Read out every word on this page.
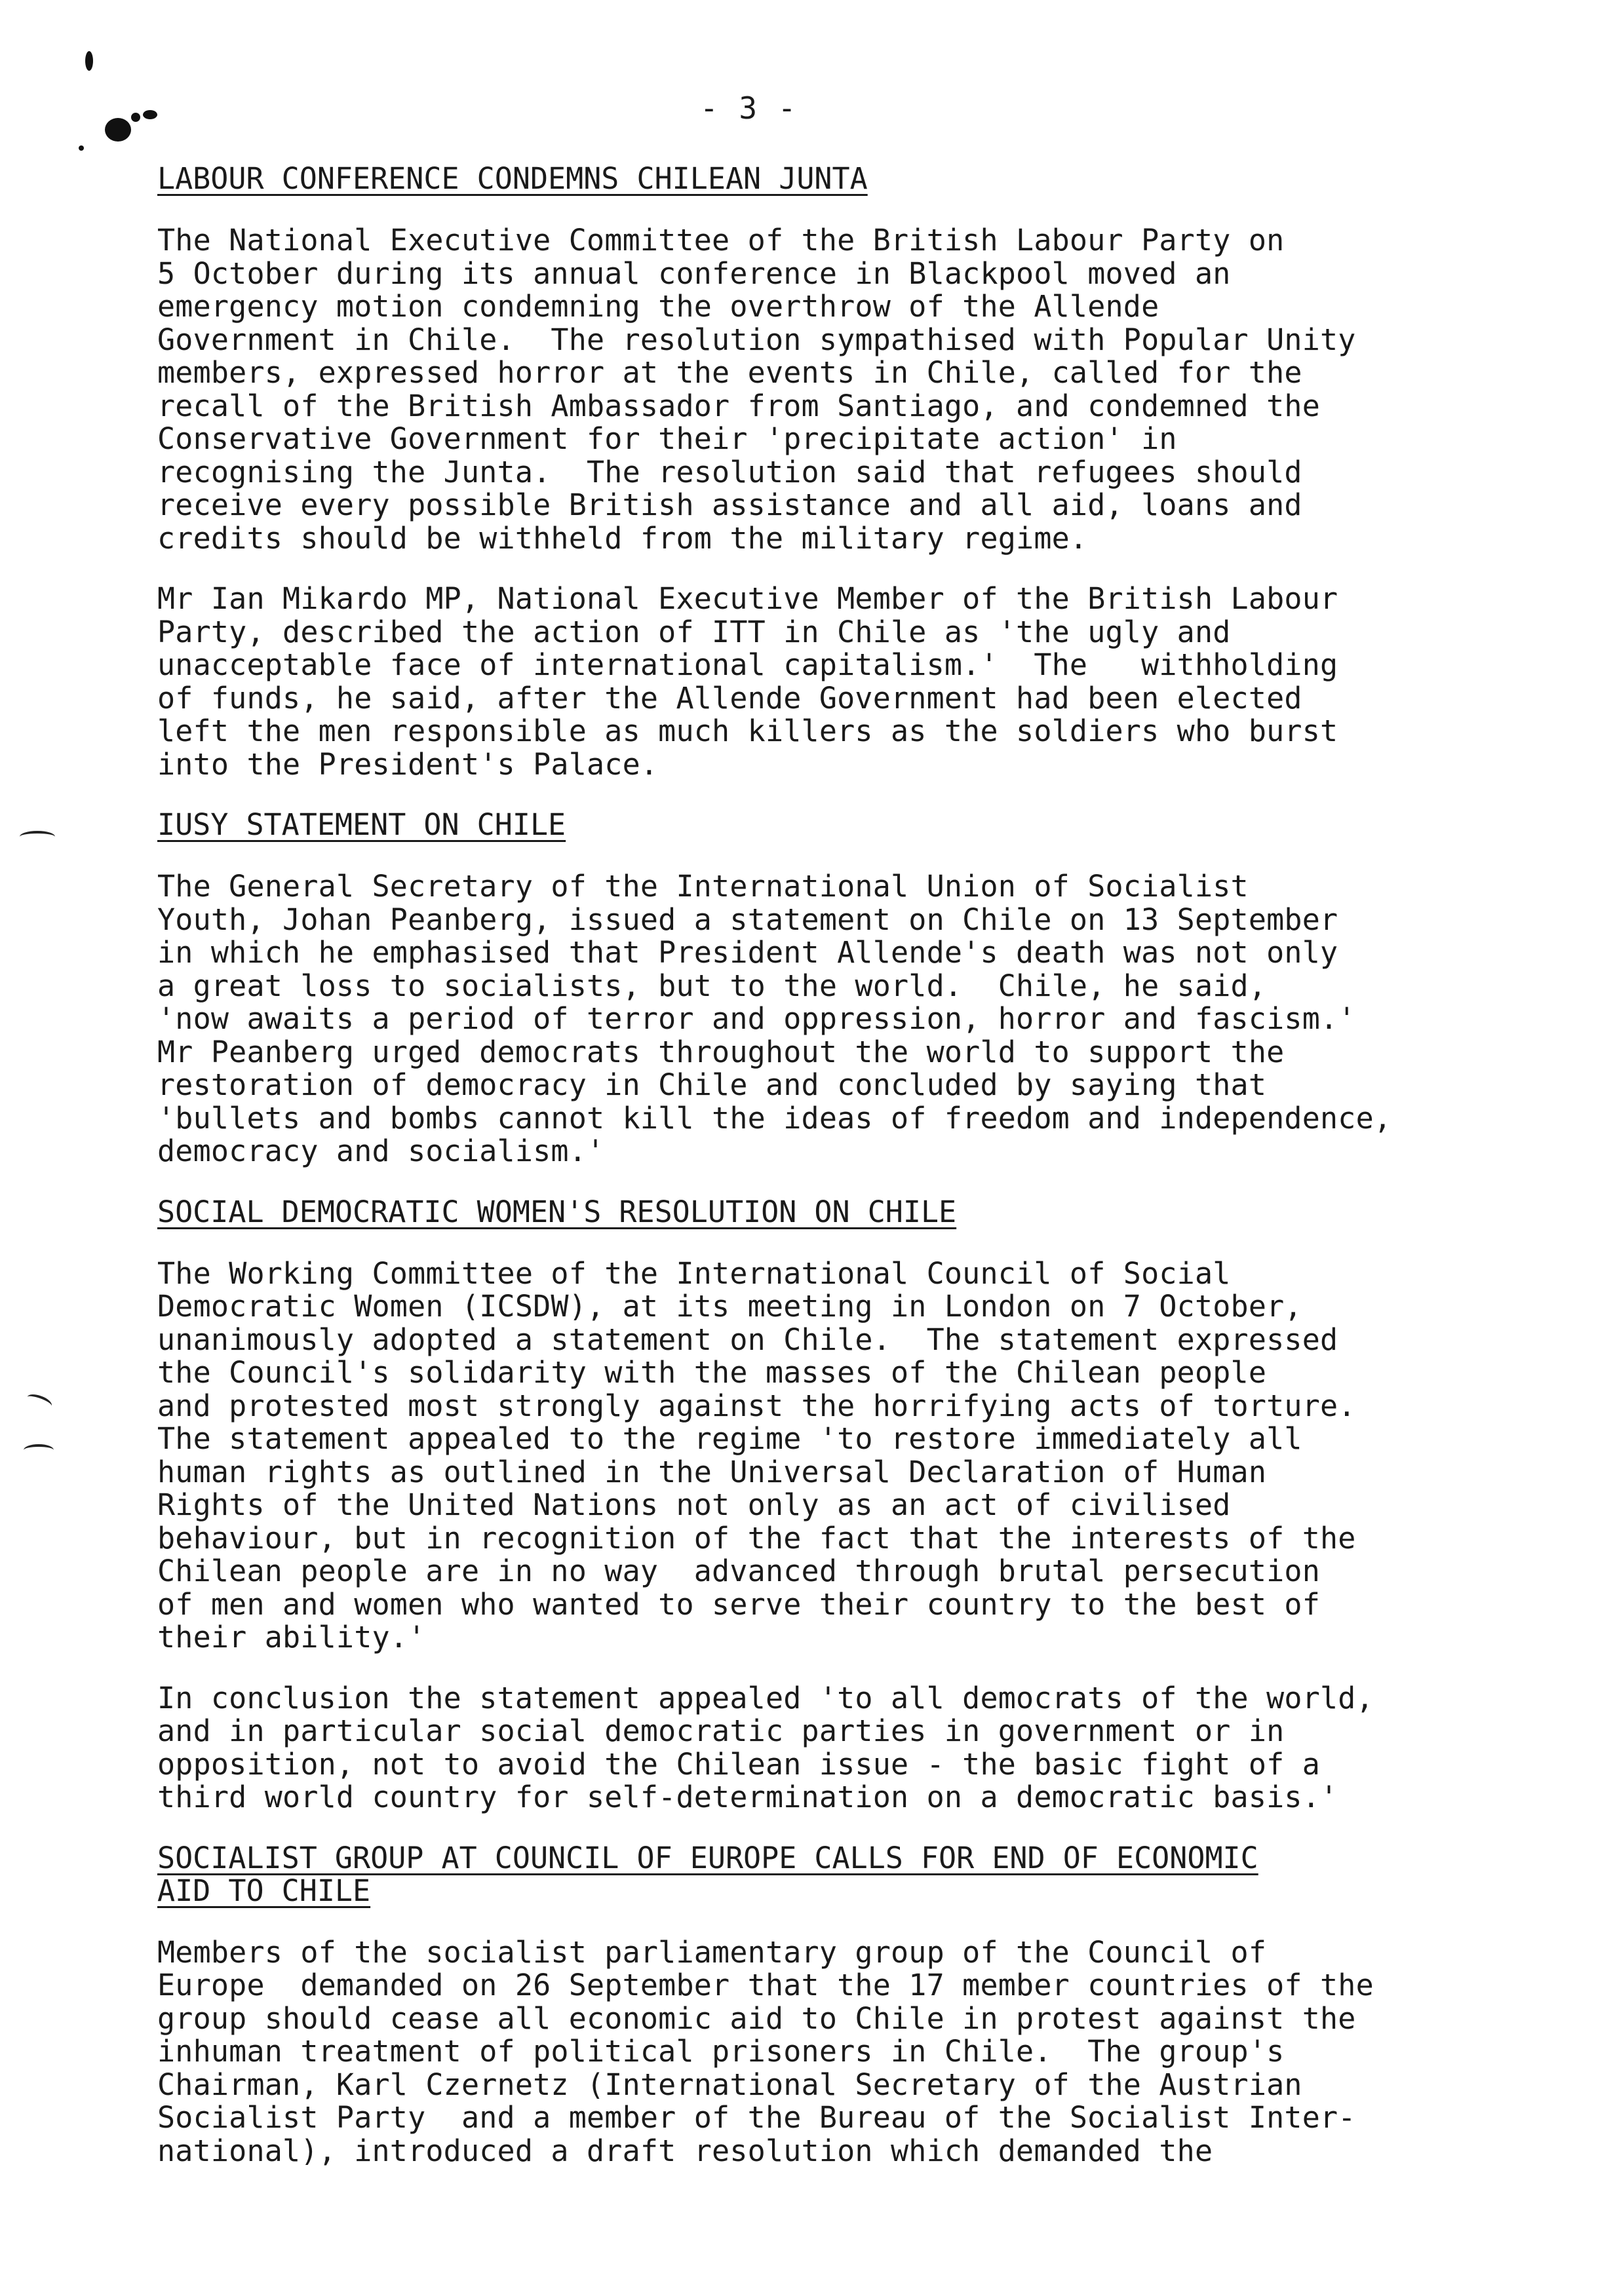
- 3 -
LABOUR CONFERENCE CONDEMNS CHILEAN JUNTA
The National Executive Committee of the British Labour Party on
5 October during its annual conference in Blackpool moved an
emergency motion condemning the overthrow of the Allende
Government in Chile.  The resolution sympathised with Popular Unity
members, expressed horror at the events in Chile, called for the
recall of the British Ambassador from Santiago, and condemned the
Conservative Government for their 'precipitate action' in
recognising the Junta.  The resolution said that refugees should
receive every possible British assistance and all aid, loans and
credits should be withheld from the military regime.
Mr Ian Mikardo MP, National Executive Member of the British Labour
Party, described the action of ITT in Chile as 'the ugly and
unacceptable face of international capitalism.'  The   withholding
of funds, he said, after the Allende Government had been elected
left the men responsible as much killers as the soldiers who burst
into the President's Palace.
IUSY STATEMENT ON CHILE
The General Secretary of the International Union of Socialist
Youth, Johan Peanberg, issued a statement on Chile on 13 September
in which he emphasised that President Allende's death was not only
a great loss to socialists, but to the world.  Chile, he said,
'now awaits a period of terror and oppression, horror and fascism.'
Mr Peanberg urged democrats throughout the world to support the
restoration of democracy in Chile and concluded by saying that
'bullets and bombs cannot kill the ideas of freedom and independence,
democracy and socialism.'
SOCIAL DEMOCRATIC WOMEN'S RESOLUTION ON CHILE
The Working Committee of the International Council of Social
Democratic Women (ICSDW), at its meeting in London on 7 October,
unanimously adopted a statement on Chile.  The statement expressed
the Council's solidarity with the masses of the Chilean people
and protested most strongly against the horrifying acts of torture.
The statement appealed to the regime 'to restore immediately all
human rights as outlined in the Universal Declaration of Human
Rights of the United Nations not only as an act of civilised
behaviour, but in recognition of the fact that the interests of the
Chilean people are in no way  advanced through brutal persecution
of men and women who wanted to serve their country to the best of
their ability.'
In conclusion the statement appealed 'to all democrats of the world,
and in particular social democratic parties in government or in
opposition, not to avoid the Chilean issue - the basic fight of a
third world country for self-determination on a democratic basis.'
SOCIALIST GROUP AT COUNCIL OF EUROPE CALLS FOR END OF ECONOMIC
AID TO CHILE
Members of the socialist parliamentary group of the Council of
Europe  demanded on 26 September that the 17 member countries of the
group should cease all economic aid to Chile in protest against the
inhuman treatment of political prisoners in Chile.  The group's
Chairman, Karl Czernetz (International Secretary of the Austrian
Socialist Party  and a member of the Bureau of the Socialist Inter-
national), introduced a draft resolution which demanded the
